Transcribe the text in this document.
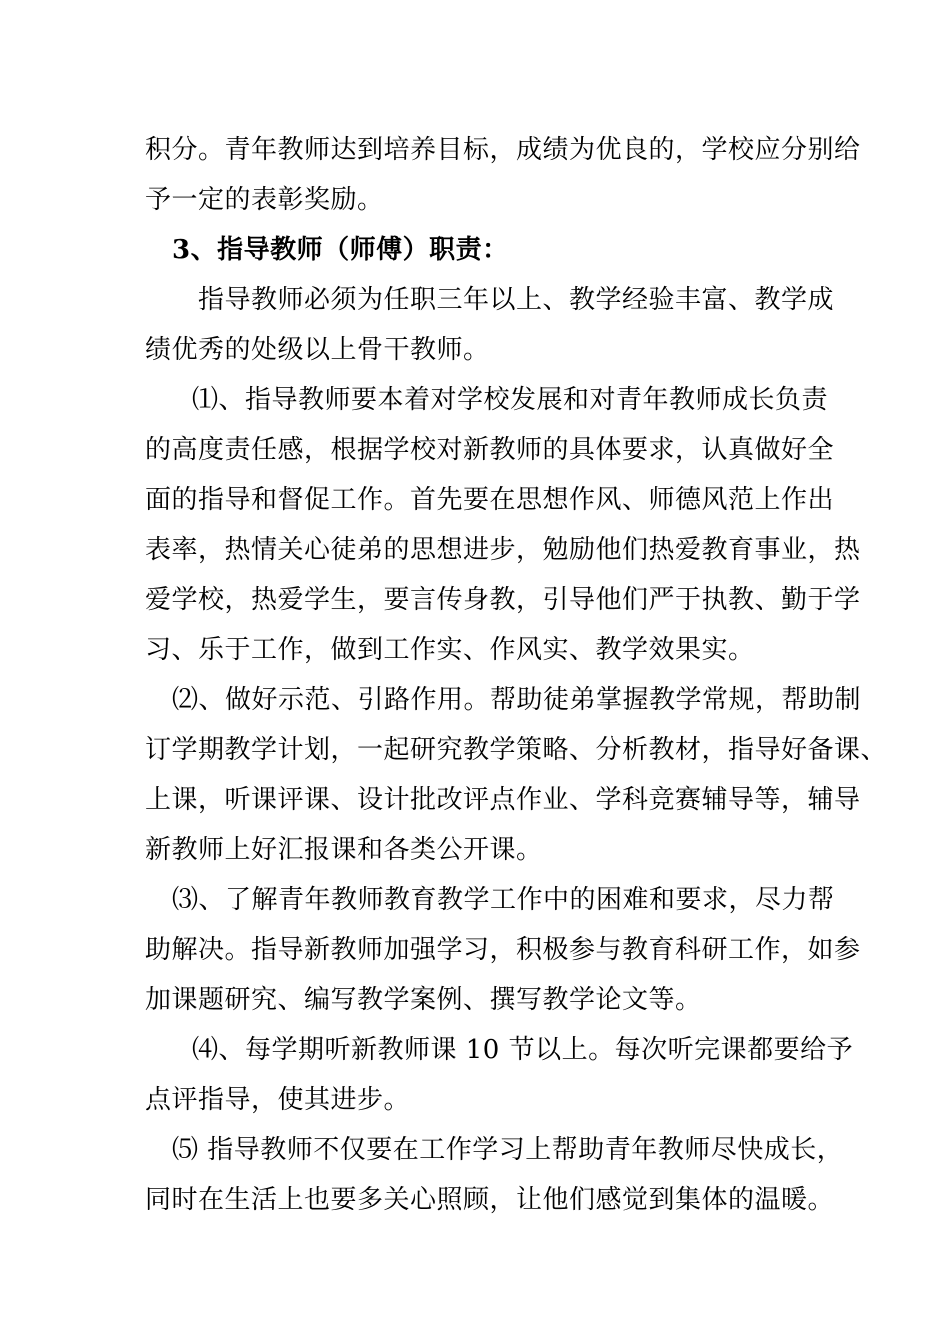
积分。青年教师达到培养目标，成绩为优良的，学校应分别给
予一定的表彰奖励。
3、指导教师（师傅）职责：
指导教师必须为任职三年以上、教学经验丰富、教学成
绩优秀的处级以上骨干教师。
⑴、指导教师要本着对学校发展和对青年教师成长负责
的高度责任感，根据学校对新教师的具体要求，认真做好全
面的指导和督促工作。首先要在思想作风、师德风范上作出
表率，热情关心徒弟的思想进步，勉励他们热爱教育事业，热
爱学校，热爱学生，要言传身教，引导他们严于执教、勤于学
习、乐于工作，做到工作实、作风实、教学效果实。
⑵、做好示范、引路作用。帮助徒弟掌握教学常规，帮助制
订学期教学计划，一起研究教学策略、分析教材，指导好备课、
上课，听课评课、设计批改评点作业、学科竞赛辅导等，辅导
新教师上好汇报课和各类公开课。
⑶、了解青年教师教育教学工作中的困难和要求，尽力帮
助解决。指导新教师加强学习，积极参与教育科研工作，如参
加课题研究、编写教学案例、撰写教学论文等。
⑷、每学期听新教师课 10 节以上。每次听完课都要给予
点评指导，使其进步。
⑸ 指导教师不仅要在工作学习上帮助青年教师尽快成长，
同时在生活上也要多关心照顾，让他们感觉到集体的温暖。
